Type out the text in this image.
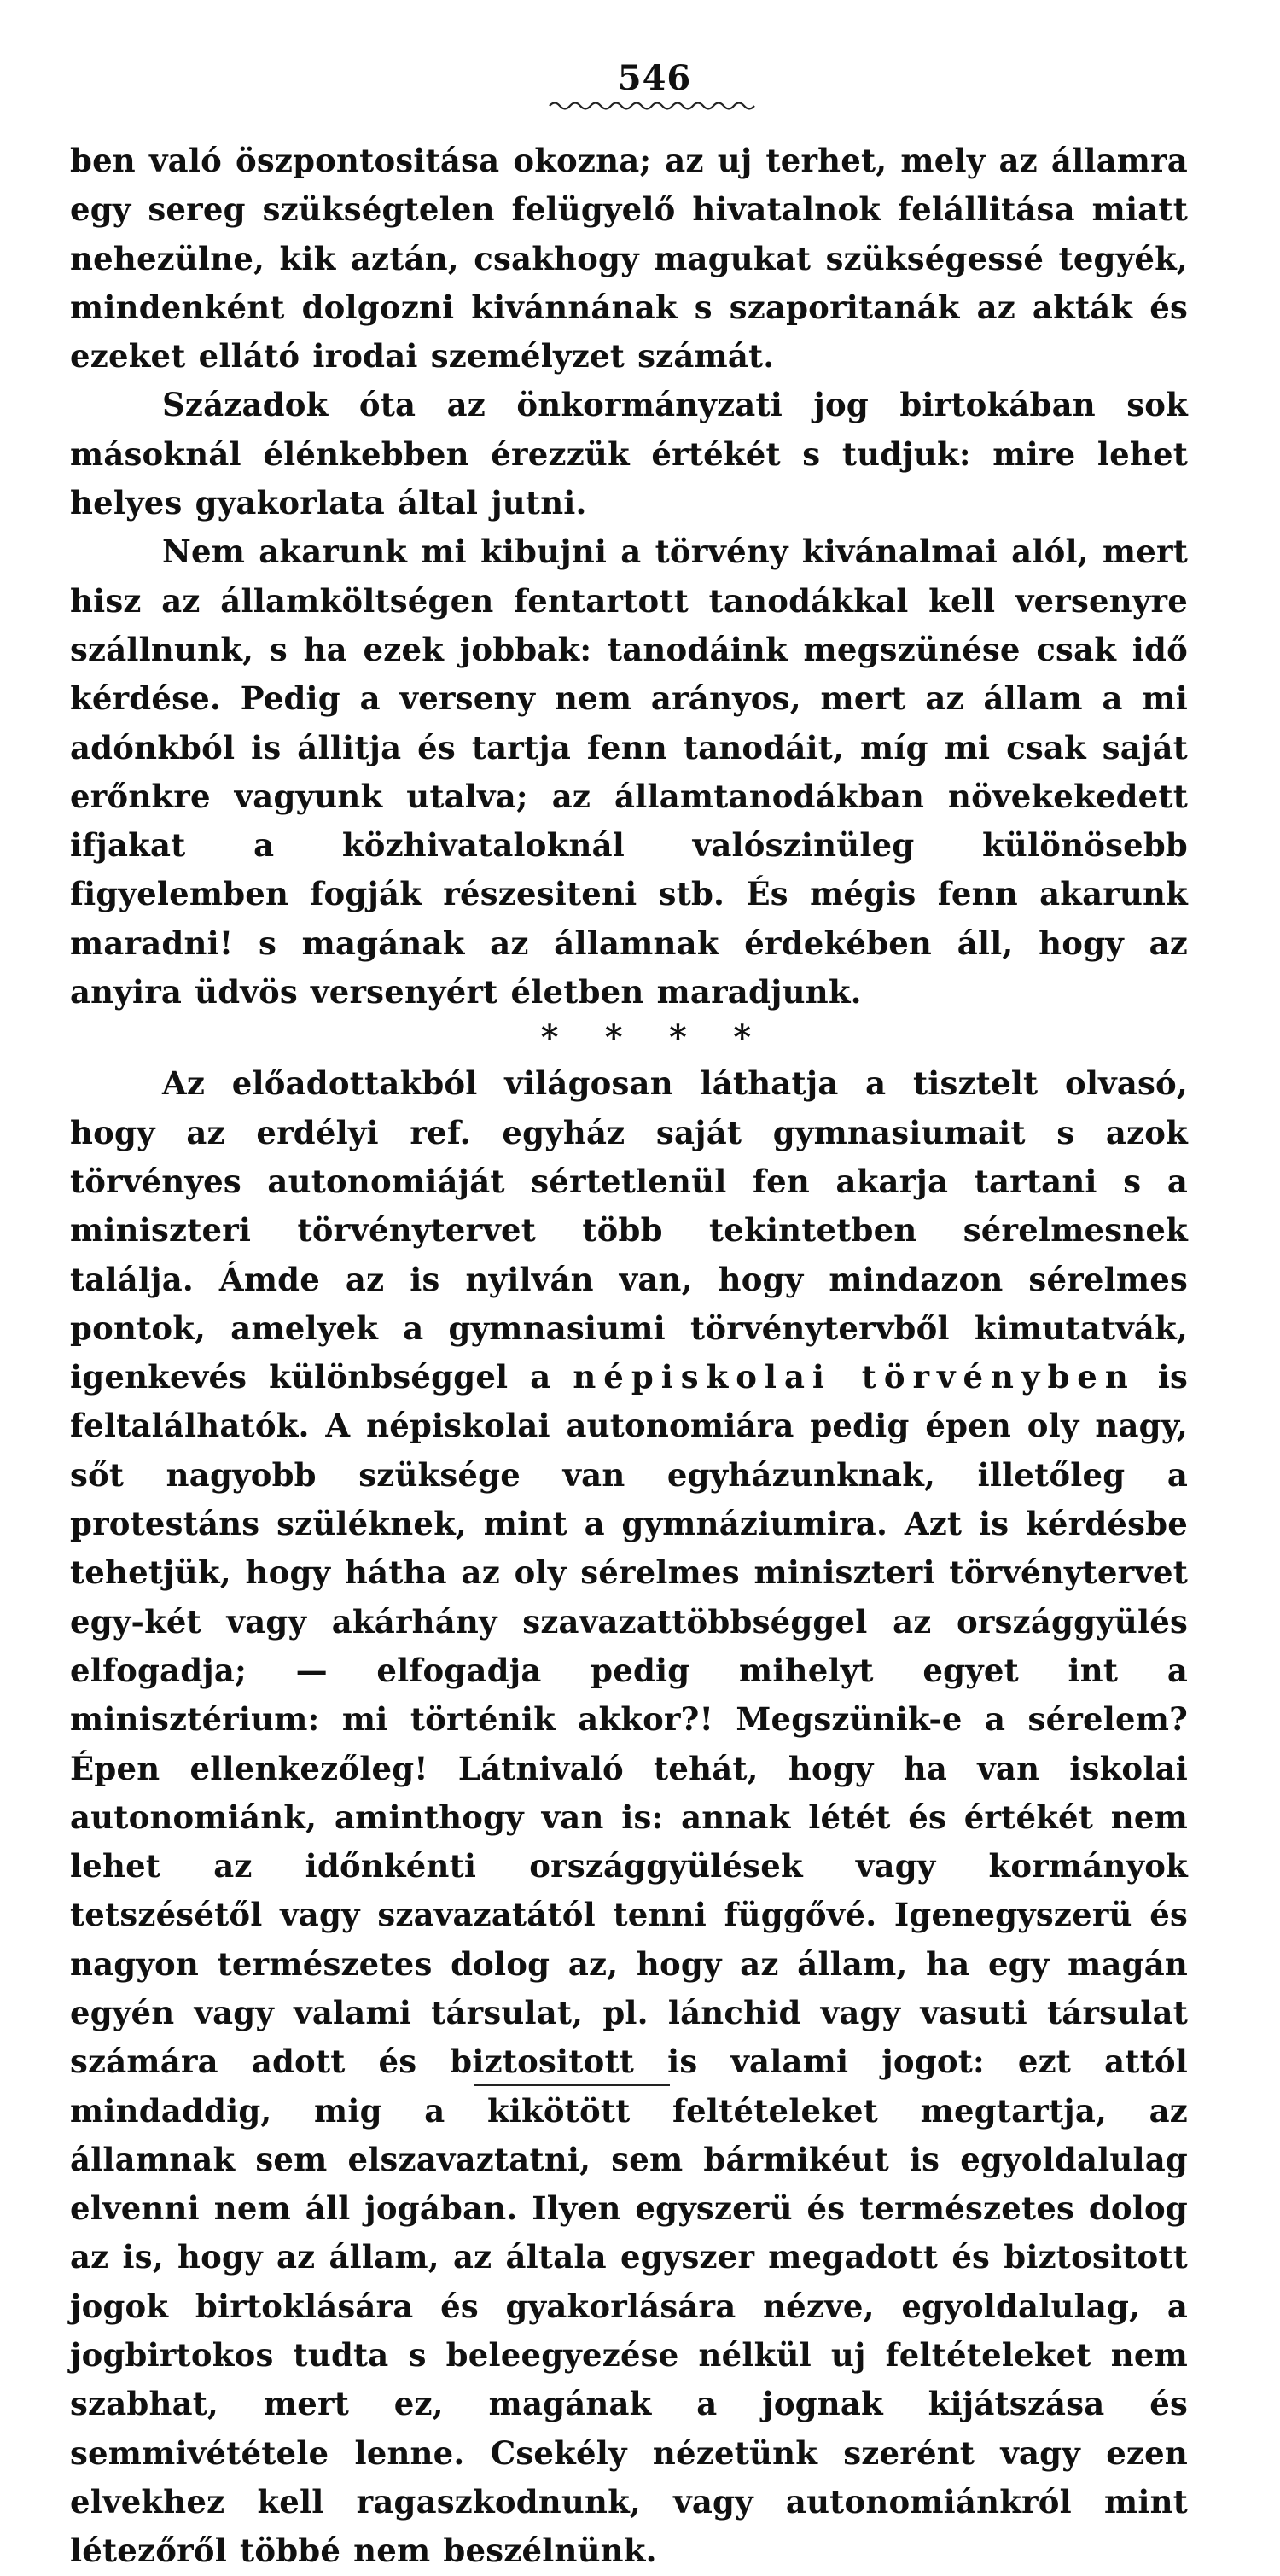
546

ben való öszpontositása okozna; az uj terhet, mely az államra egy sereg szükségtelen felügyelő hivatalnok felállitása miatt nehezülne, kik aztán, csakhogy magukat szükségessé tegyék, mindenként dolgozni kivánnának s szaporitanák az akták és ezeket ellátó irodai személyzet számát.

Századok óta az önkormányzati jog birtokában sok másoknál élénkebben érezzük értékét s tudjuk: mire lehet helyes gyakorlata által jutni.

Nem akarunk mi kibujni a törvény kivánalmai alól, mert hisz az államköltségen fentartott tanodákkal kell versenyre szállnunk, s ha ezek jobbak: tanodáink megszünése csak idő kérdése. Pedig a verseny nem arányos, mert az állam a mi adónkból is állitja és tartja fenn tanodáit, míg mi csak saját erőnkre vagyunk utalva; az államtanodákban növekekedett ifjakat a közhivataloknál valószinüleg különösebb figyelemben fogják részesiteni stb. És mégis fenn akarunk maradni! s magának az államnak érdekében áll, hogy az anyira üdvös versenyért életben maradjunk.

* * * *

Az előadottakból világosan láthatja a tisztelt olvasó, hogy az erdélyi ref. egyház saját gymnasiumait s azok törvényes autonomiáját sértetlenül fen akarja tartani s a miniszteri törvénytervet több tekintetben sérelmesnek találja. Ámde az is nyilván van, hogy mindazon sérelmes pontok, amelyek a gymnasiumi törvénytervből kimutatvák, igenkevés különbséggel a népiskolai törvényben is feltalálhatók. A népiskolai autonomiára pedig épen oly nagy, sőt nagyobb szüksége van egyházunknak, illetőleg a protestáns szüléknek, mint a gymnáziumira. Azt is kérdésbe tehetjük, hogy hátha az oly sérelmes miniszteri törvénytervet egy-két vagy akárhány szavazattöbbséggel az országgyülés elfogadja; — elfogadja pedig mihelyt egyet int a minisztérium: mi történik akkor?! Megszünik-e a sérelem? Épen ellenkezőleg! Látnivaló tehát, hogy ha van iskolai autonomiánk, aminthogy van is: annak létét és értékét nem lehet az időnkénti országgyülések vagy kormányok tetszésétől vagy szavazatától tenni függővé. Igenegyszerü és nagyon természetes dolog az, hogy az állam, ha egy magán egyén vagy valami társulat, pl. lánchid vagy vasuti társulat számára adott és biztositott is valami jogot: ezt attól mindaddig, mig a kikötött feltételeket megtartja, az államnak sem elszavaztatni, sem bármikéut is egyoldalulag elvenni nem áll jogában. Ilyen egyszerü és természetes dolog az is, hogy az állam, az általa egyszer megadott és biztositott jogok birtoklására és gyakorlására nézve, egyoldalulag, a jogbirtokos tudta s beleegyezése nélkül uj feltételeket nem szabhat, mert ez, magának a jognak kijátszása és semmivététele lenne. Csekély nézetünk szerént vagy ezen elvekhez kell ragaszkodnunk, vagy autonomiánkról mint létezőről többé nem beszélnünk.
